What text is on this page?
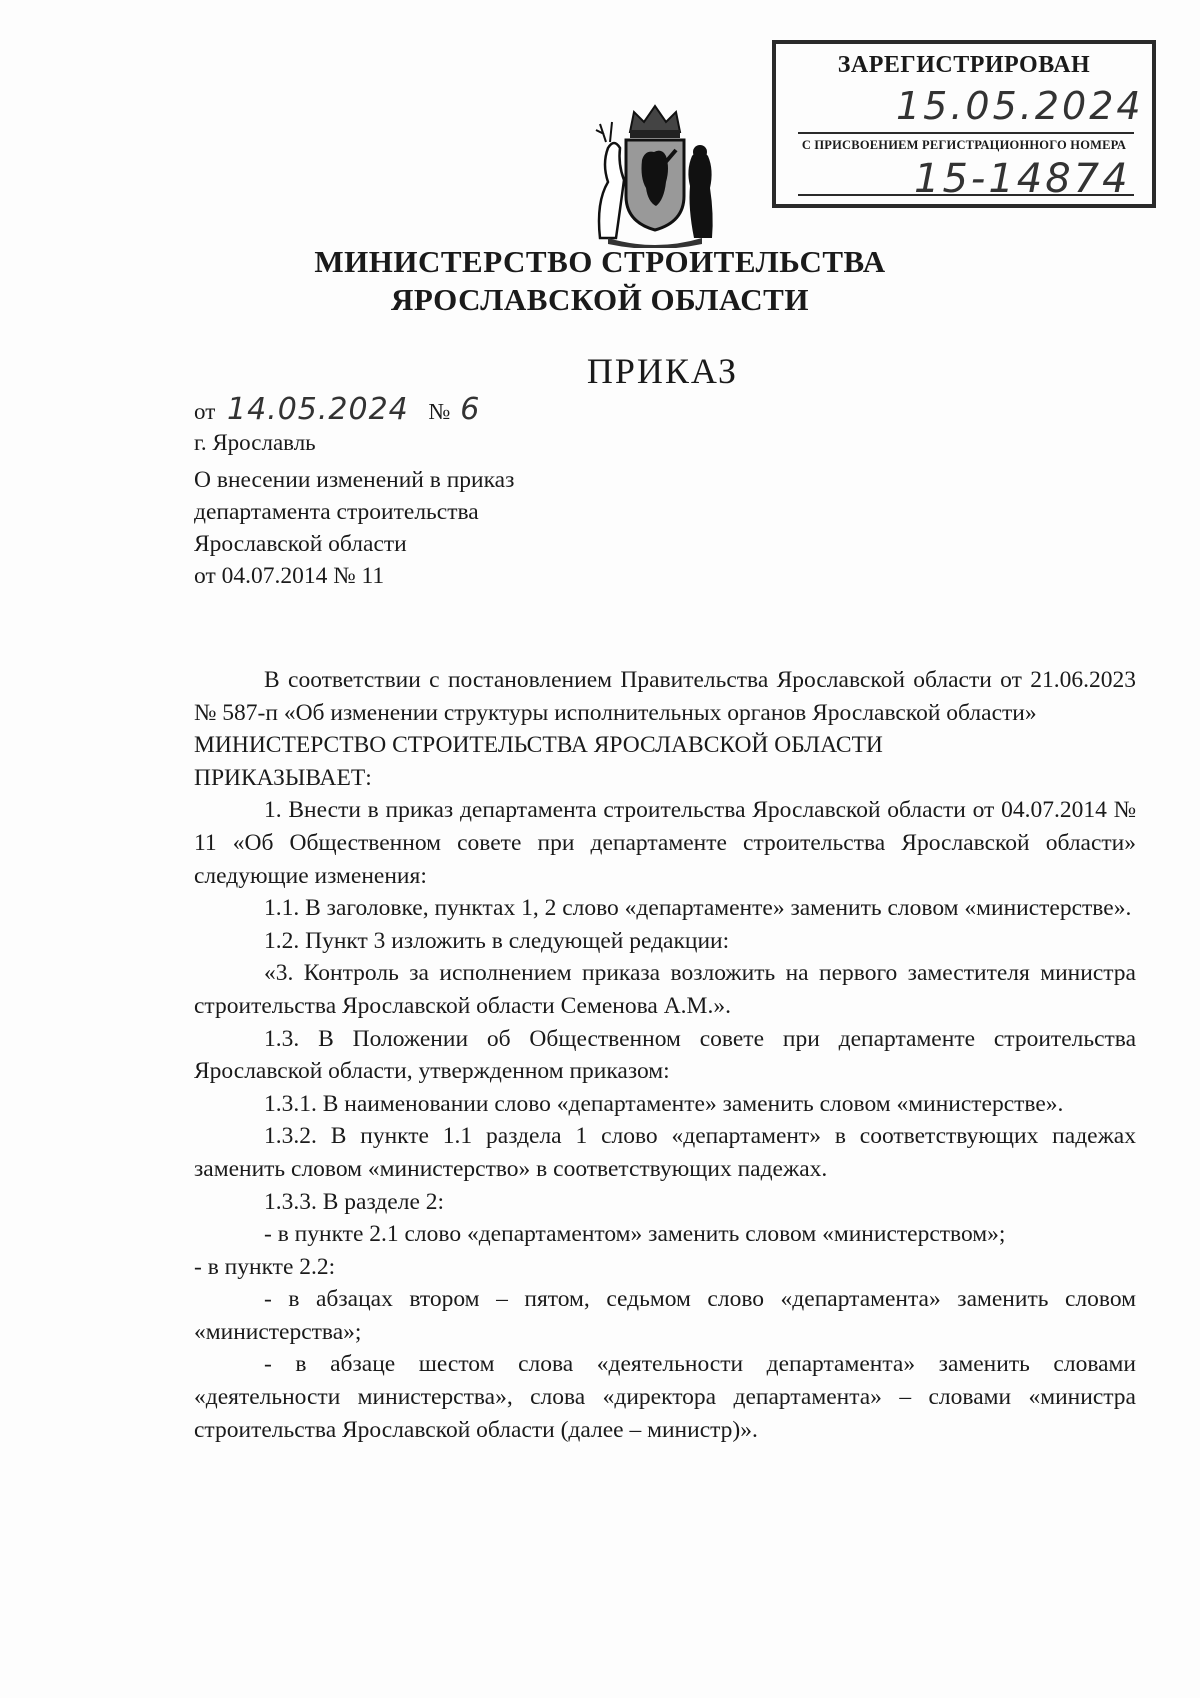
ЗАРЕГИСТРИРОВАН
15.05.2024
С ПРИСВОЕНИЕМ РЕГИСТРАЦИОННОГО НОМЕРА
15-14874
МИНИСТЕРСТВО СТРОИТЕЛЬСТВА
ЯРОСЛАВСКОЙ ОБЛАСТИ
ПРИКАЗ
от 14.05.2024 № 6
г. Ярославль
О внесении изменений в приказ
департамента строительства
Ярославской области
от 04.07.2014 № 11

В соответствии с постановлением Правительства Ярославской области от 21.06.2023 № 587-п «Об изменении структуры исполнительных органов Ярославской области»

МИНИСТЕРСТВО СТРОИТЕЛЬСТВА ЯРОСЛАВСКОЙ ОБЛАСТИ

ПРИКАЗЫВАЕТ:

1. Внести в приказ департамента строительства Ярославской области от 04.07.2014 № 11 «Об Общественном совете при департаменте строительства Ярославской области» следующие изменения:

1.1. В заголовке, пунктах 1, 2 слово «департаменте» заменить словом «министерстве».

1.2. Пункт 3 изложить в следующей редакции:

«3. Контроль за исполнением приказа возложить на первого заместителя министра строительства Ярославской области Семенова А.М.».

1.3. В Положении об Общественном совете при департаменте строительства Ярославской области, утвержденном приказом:

1.3.1. В наименовании слово «департаменте» заменить словом «министерстве».

1.3.2. В пункте 1.1 раздела 1 слово «департамент» в соответствующих падежах заменить словом «министерство» в соответствующих падежах.

1.3.3. В разделе 2:

- в пункте 2.1 слово «департаментом» заменить словом «министерством»;

- в пункте 2.2:

- в абзацах втором – пятом, седьмом слово «департамента» заменить словом «министерства»;

- в абзаце шестом слова «деятельности департамента» заменить словами «деятельности министерства», слова «директора департамента» – словами «министра строительства Ярославской области (далее – министр)».
